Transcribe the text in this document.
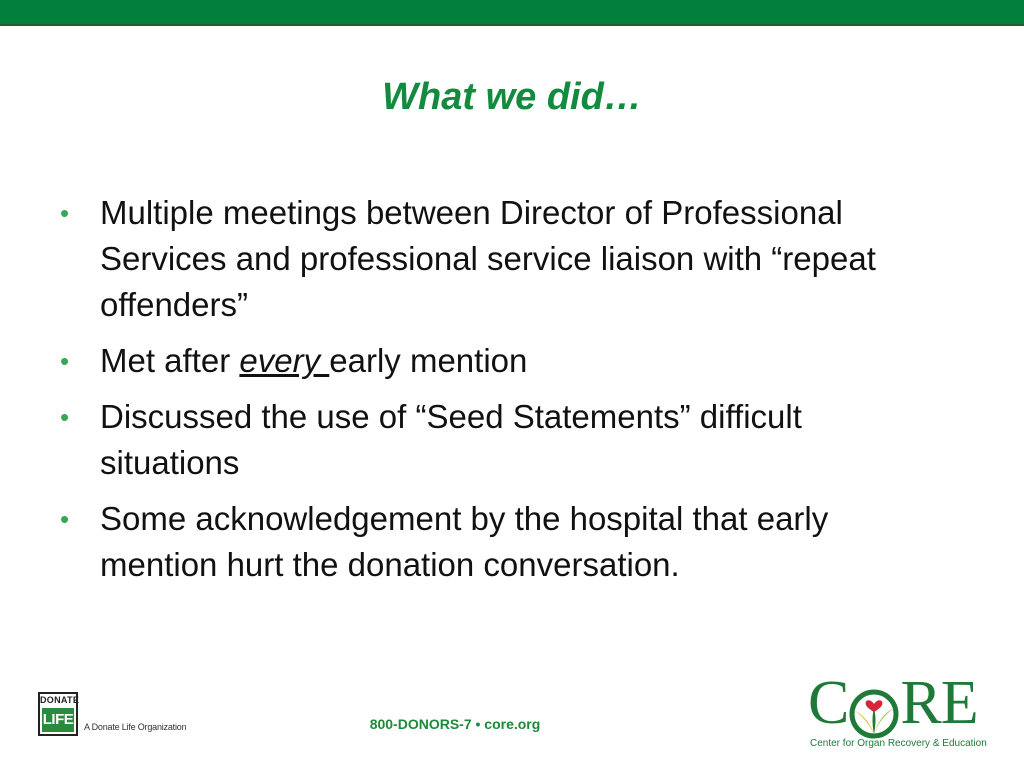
What we did…
• Multiple meetings between Director of Professional Services and professional service liaison with “repeat offenders”
• Met after every early mention
• Discussed the use of “Seed Statements” difficult situations
• Some acknowledgement by the hospital that early mention hurt the donation conversation.
DONATE
LIFE A Donate Life Organization	800-DONORS-7 • core.org	C RE
Center for Organ Recovery & Education
